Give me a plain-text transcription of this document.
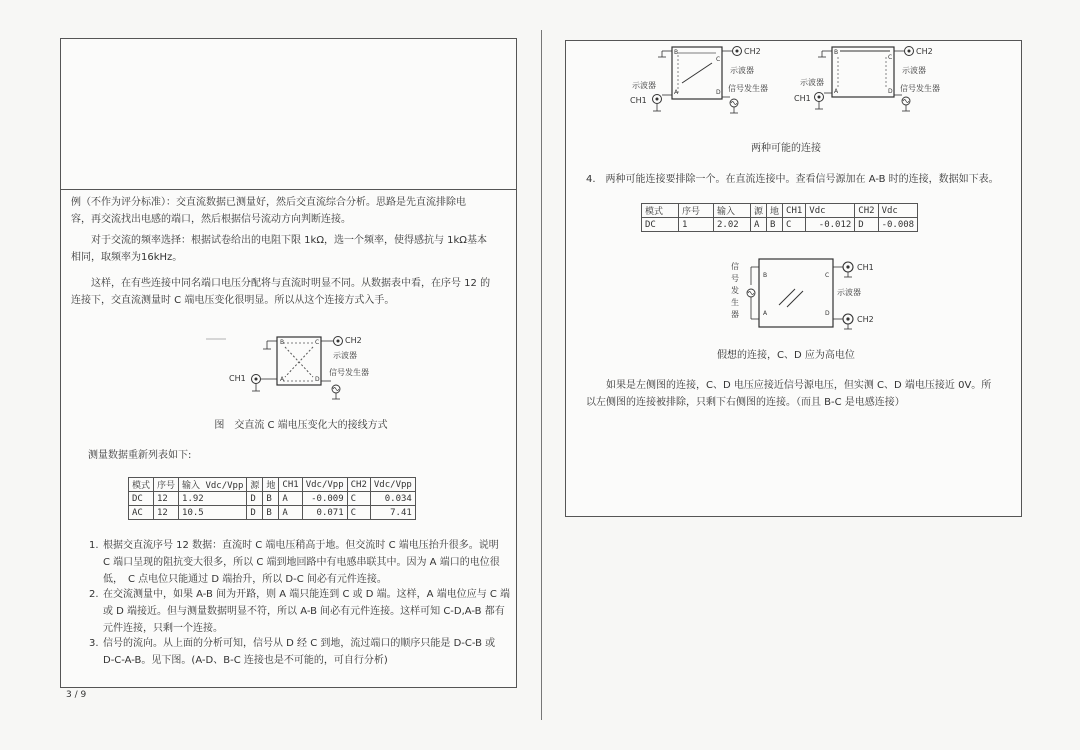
例（不作为评分标准）：交直流数据已测量好，然后交直流综合分析。思路是先直流排除电
容，再交流找出电感的端口，然后根据信号流动方向判断连接。
对于交流的频率选择：根据试卷给出的电阻下限 1kΩ，选一个频率，使得感抗与 1kΩ基本
相同，取频率为16kHz。
这样，在有些连接中同名端口电压分配将与直流时明显不同。从数据表中看，在序号 12 的
连接下，交直流测量时 C 端电压变化很明显。所以从这个连接方式入手。
B	C
A	D
CH2
示波器
CH1
信号发生器
图　交直流 C 端电压变化大的接线方式
测量数据重新列表如下:
模式	序号	输入 Vdc/Vpp	源	地	CH1	Vdc/Vpp	CH2	Vdc/Vpp
DC	12	1.92	D	B	A	-0.009	C	0.034
AC	12	10.5	D	B	A	0.071	C	7.41
1. 根据交直流序号 12 数据：直流时 C 端电压稍高于地。但交流时 C 端电压抬升很多。说明
C 端口呈现的阻抗变大很多，所以 C 端到地回路中有电感串联其中。因为 A 端口的电位很
低，　C 点电位只能通过 D 端抬升，所以 D-C 间必有元件连接。
2. 在交流测量中，如果 A-B 间为开路，则 A 端只能连到 C 或 D 端。这样，A 端电位应与 C 端
或 D 端接近。但与测量数据明显不符，所以 A-B 间必有元件连接。这样可知 C-D,A-B 都有
元件连接，只剩一个连接。
3. 信号的流向。从上面的分析可知，信号从 D 经 C 到地，流过端口的顺序只能是 D-C-B 或
D-C-A-B。见下图。(A-D、B-C 连接也是不可能的，可自行分析)
3 / 9
B
C
A	D
CH2
示波器
示波器
CH1
信号发生器
B
C
A	D
CH2
示波器
示波器
CH1
信号发生器
两种可能的连接
4.　两种可能连接要排除一个。在直流连接中。查看信号源加在 A-B 时的连接，数据如下表。
模式	序号	输入	源	地	CH1	Vdc	CH2	Vdc
DC	1	2.02	A	B	C	-0.012	D	-0.008
信
号
发
生
器
B	C
A	D
CH1
示波器
CH2
假想的连接，C、D 应为高电位
如果是左侧图的连接，C、D 电压应接近信号源电压，但实测 C、D 端电压接近 0V。所
以左侧图的连接被排除，只剩下右侧图的连接。（而且 B-C 是电感连接）
